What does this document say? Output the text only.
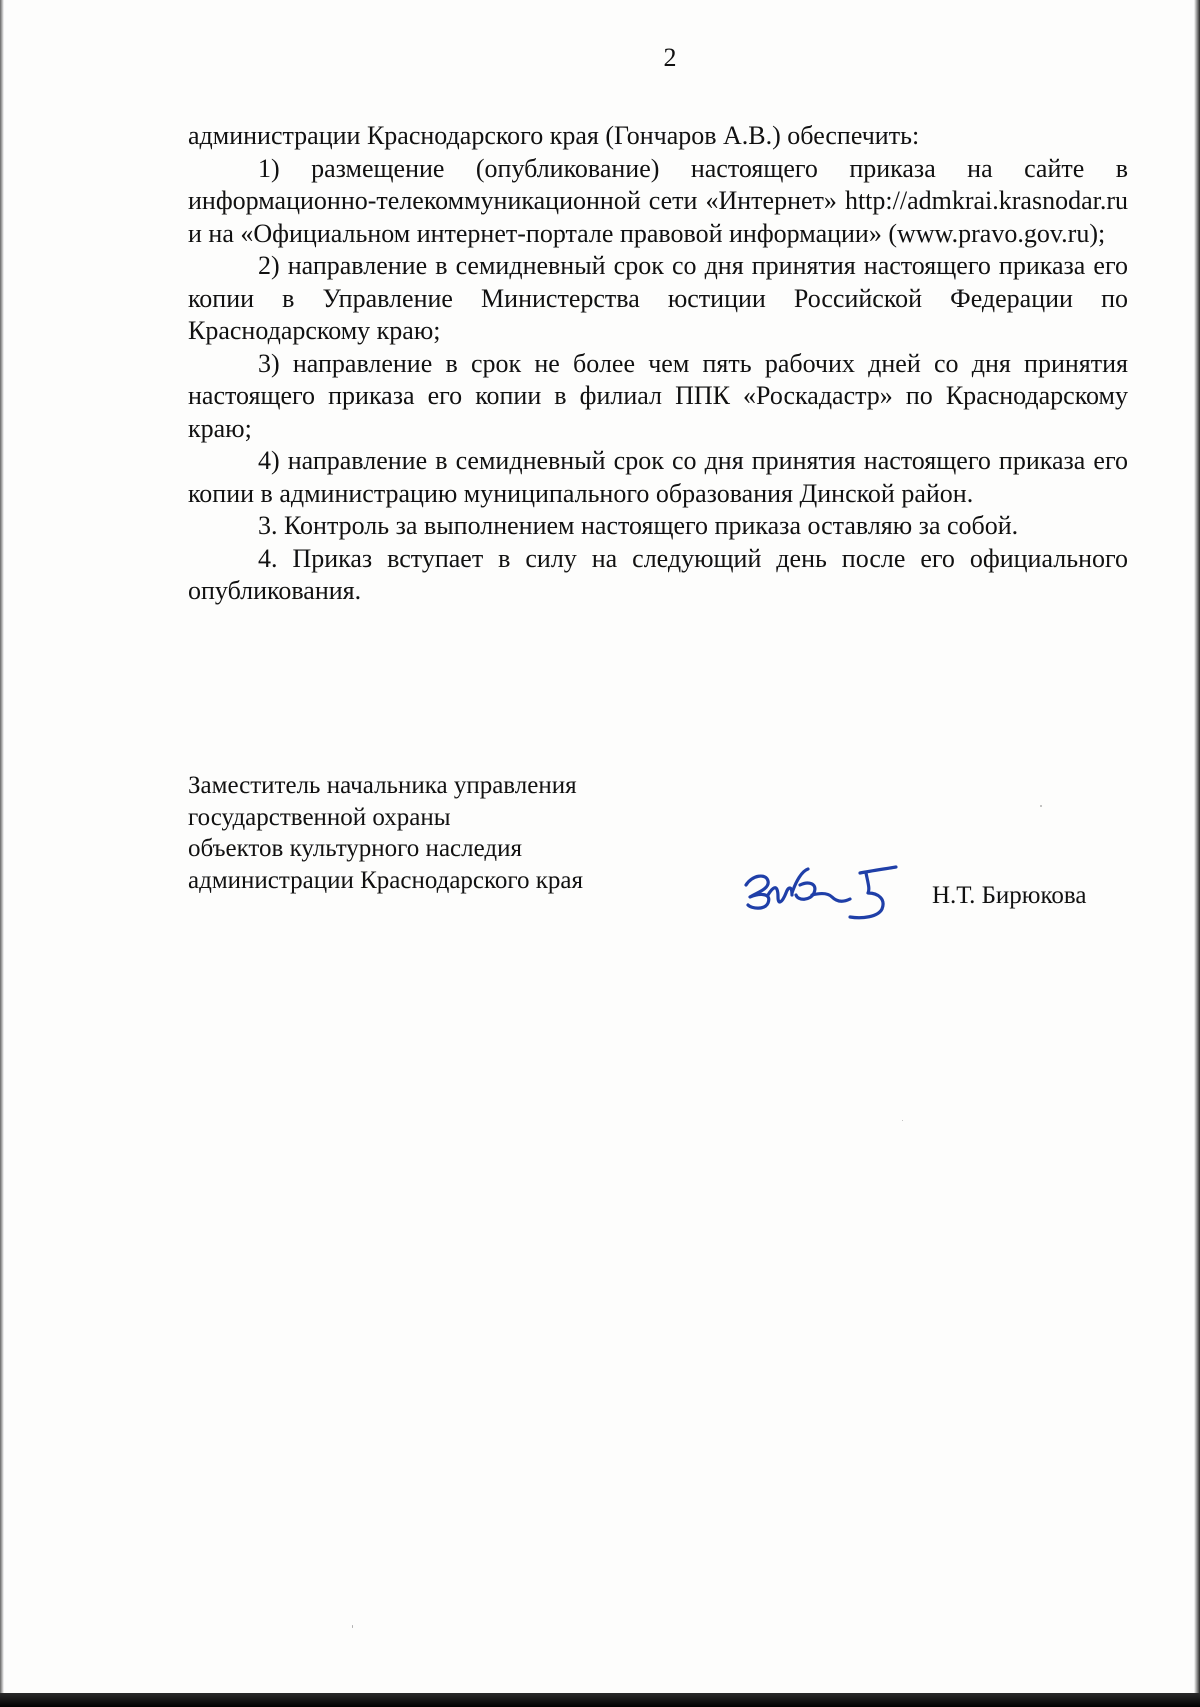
2

администрации Краснодарского края (Гончаров А.В.) обеспечить:

1) размещение (опубликование) настоящего приказа на сайте в информационно-телекоммуникационной сети «Интернет» http://admkrai.krasnodar.ru и на «Официальном интернет-портале правовой информации» (www.pravo.gov.ru);

2) направление в семидневный срок со дня принятия настоящего приказа его копии в Управление Министерства юстиции Российской Федерации по Краснодарскому краю;

3) направление в срок не более чем пять рабочих дней со дня принятия настоящего приказа его копии в филиал ППК «Роскадастр» по Краснодарскому краю;

4) направление в семидневный срок со дня принятия настоящего приказа его копии в администрацию муниципального образования Динской район.

3. Контроль за выполнением настоящего приказа оставляю за собой.

4. Приказ вступает в силу на следующий день после его официального опубликования.

Заместитель начальника управления
государственной охраны
объектов культурного наследия
администрации Краснодарского края
Н.Т. Бирюкова
